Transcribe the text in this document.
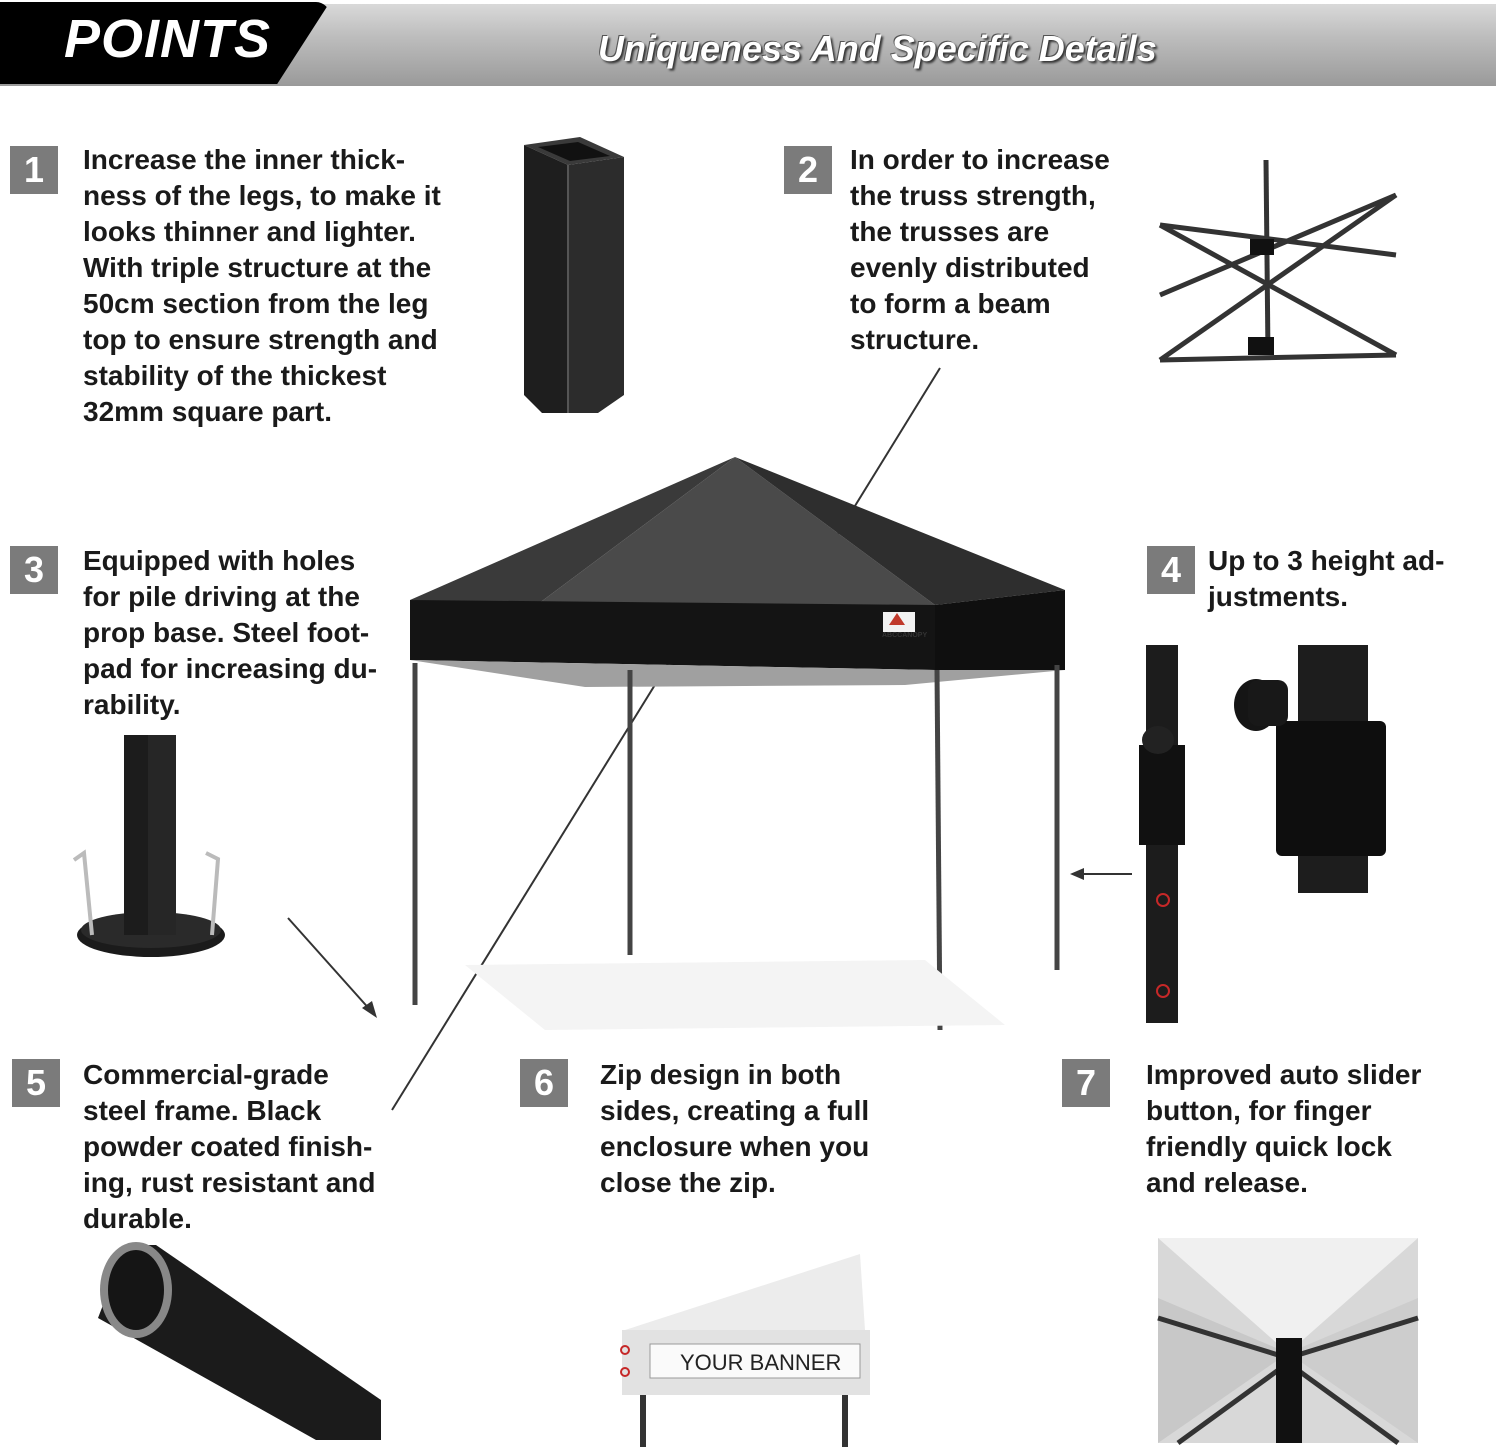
POINTS	Uniqueness And Specific Details
1	Increase the inner thick-
ness of the legs, to make it
looks thinner and lighter.
With triple structure at the
50cm section from the leg
top to ensure strength and
stability of the thickest
32mm square part.
2	In order to increase
the truss strength,
the trusses are
evenly distributed
to form a beam
structure.
3	Equipped with holes
for pile driving at the
prop base. Steel foot-
pad for increasing du-
rability.
4 Up to 3 height ad-
justments.
5	Commercial-grade
steel frame. Black
powder coated finish-
ing, rust resistant and
durable.
6	Zip design in both
sides, creating a full
enclosure when you
close the zip.
7	Improved auto slider
button, for finger
friendly quick lock
and release.
ABCCANOPY
YOUR BANNER
